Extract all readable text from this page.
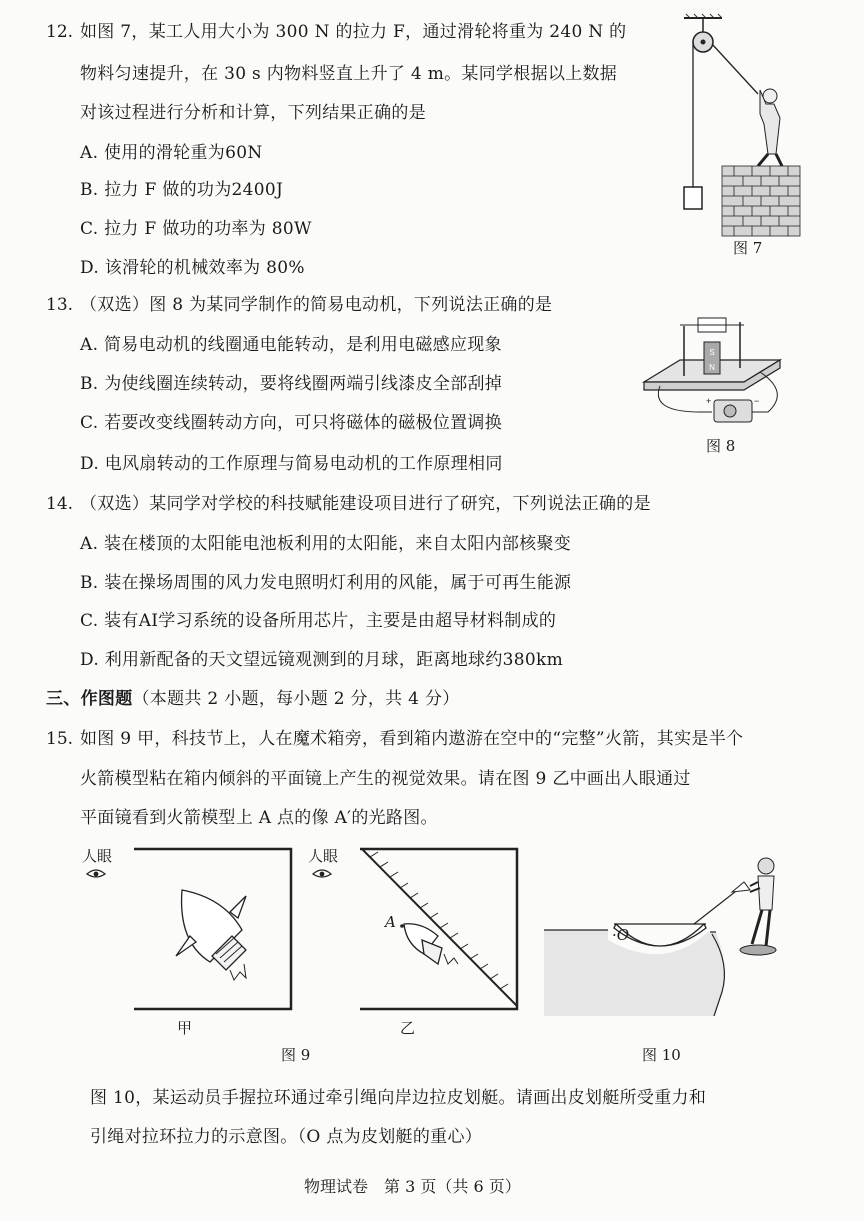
12. 如图 7，某工人用大小为 300 N 的拉力 F，通过滑轮将重为 240 N 的
物料匀速提升，在 30 s 内物料竖直上升了 4 m。某同学根据以上数据
对该过程进行分析和计算，下列结果正确的是
A. 使用的滑轮重为60N
B. 拉力 F 做的功为2400J
C. 拉力 F 做功的功率为 80W
D. 该滑轮的机械效率为 80%
图 7
13. （双选）图 8 为某同学制作的简易电动机，下列说法正确的是
A. 简易电动机的线圈通电能转动，是利用电磁感应现象
B. 为使线圈连续转动，要将线圈两端引线漆皮全部刮掉
C. 若要改变线圈转动方向，可只将磁体的磁极位置调换
D. 电风扇转动的工作原理与简易电动机的工作原理相同
S
N
+	−
图 8
14. （双选）某同学对学校的科技赋能建设项目进行了研究，下列说法正确的是
A. 装在楼顶的太阳能电池板利用的太阳能，来自太阳内部核聚变
B. 装在操场周围的风力发电照明灯利用的风能，属于可再生能源
C. 装有AI学习系统的设备所用芯片，主要是由超导材料制成的
D. 利用新配备的天文望远镜观测到的月球，距离地球约380km
三、作图题（本题共 2 小题，每小题 2 分，共 4 分）
15. 如图 9 甲，科技节上，人在魔术箱旁，看到箱内遨游在空中的“完整”火箭，其实是半个
火箭模型粘在箱内倾斜的平面镜上产生的视觉效果。请在图 9 乙中画出人眼通过
平面镜看到火箭模型上 A 点的像 A′的光路图。
人眼
甲
人眼
A
乙
图 9
·O
图 10
图 10，某运动员手握拉环通过牵引绳向岸边拉皮划艇。请画出皮划艇所受重力和
引绳对拉环拉力的示意图。（O 点为皮划艇的重心）
物理试卷　第 3 页（共 6 页）
